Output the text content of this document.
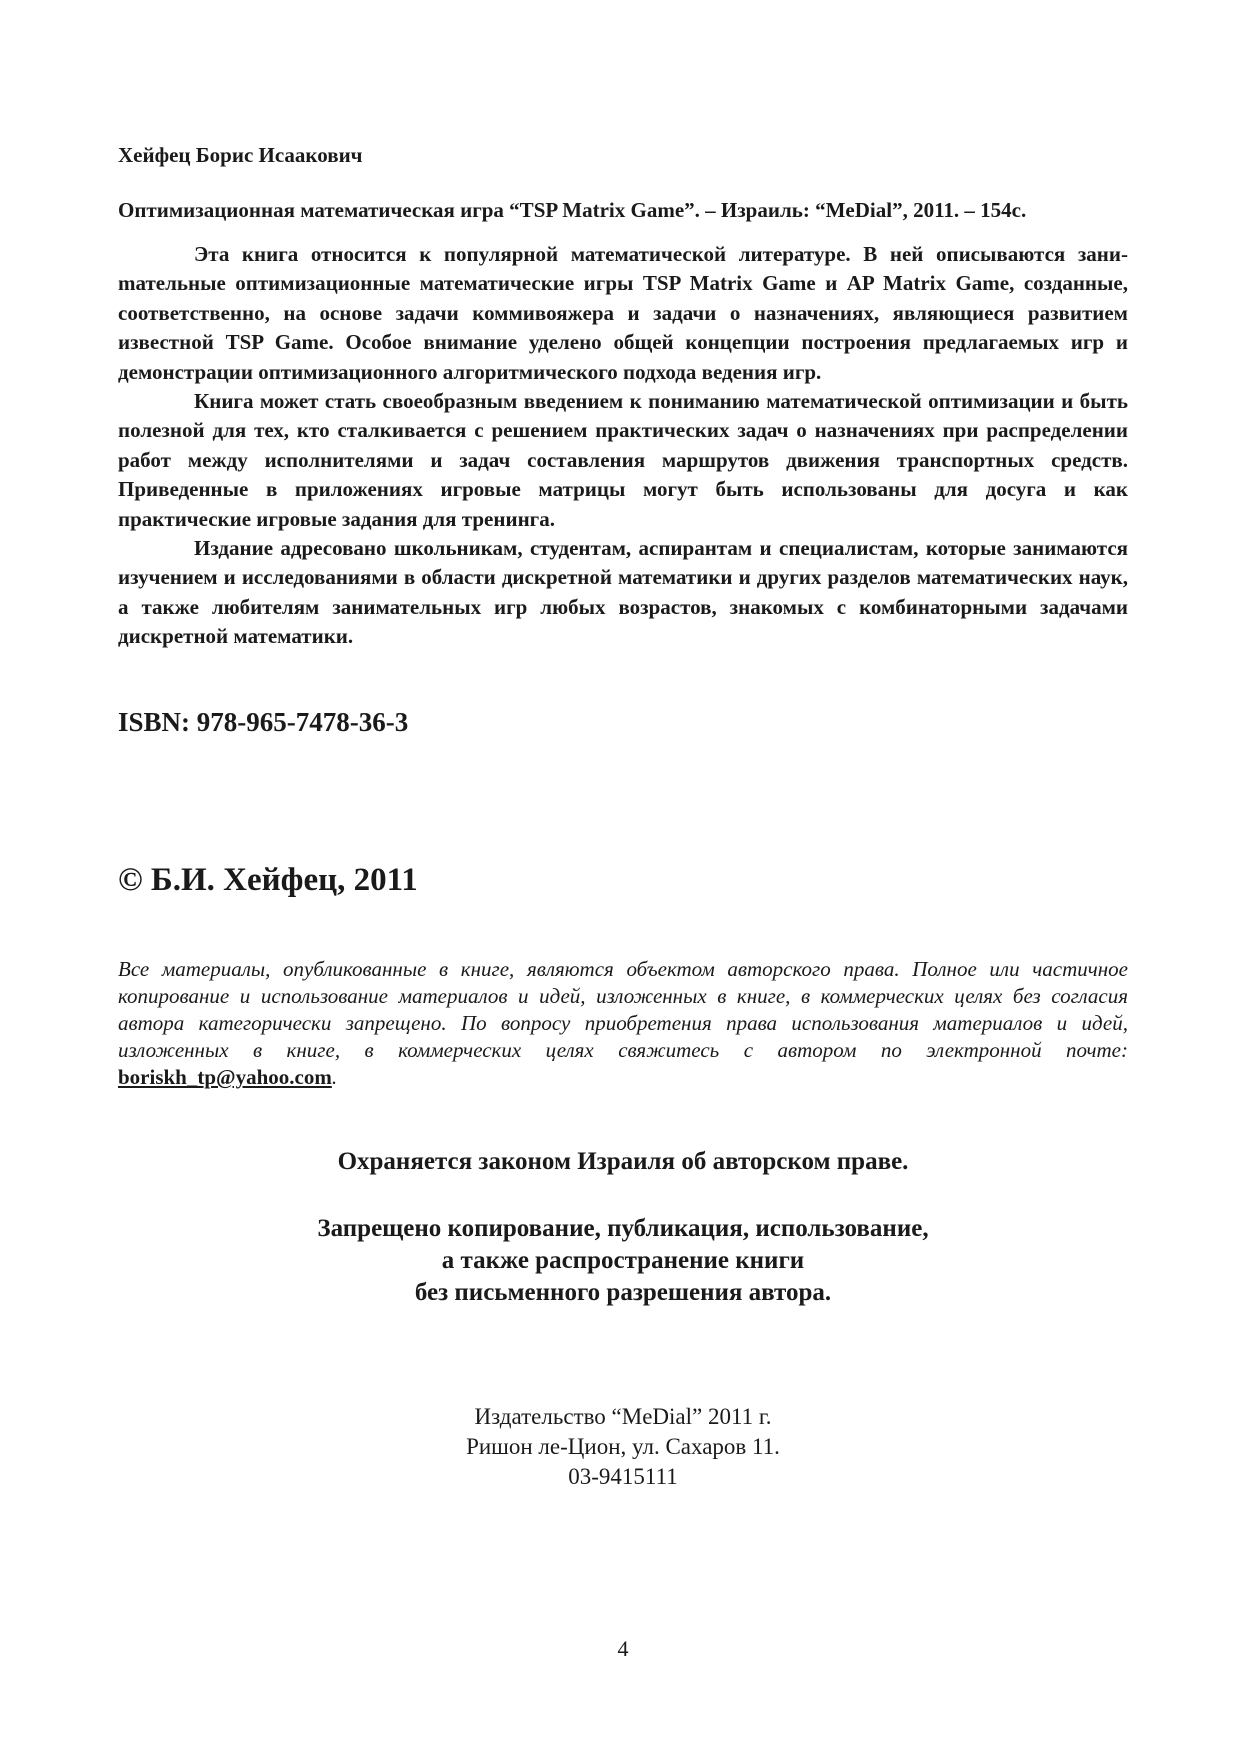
Хейфец Борис Исаакович
Оптимизационная математическая игра “TSP Matrix Game”. – Израиль: “MeDial”, 2011. – 154с.

Эта книга относится к популярной математической литературе. В ней описываются заниmательные оптимизационные математические игры TSP Matrix Game и AP Matrix Game, созданные, соответственно, на основе задачи коммивояжера и задачи о назначениях, являющиеся развитием известной TSP Game. Особое внимание уделено общей концепции построения предлагаемых игр и демонстрации оптимизационного алгоритмического подхода ведения игр.

Книга может стать своеобразным введением к пониманию математической оптимизации и быть полезной для тех, кто сталкивается с решением практических задач о назначениях при распределении работ между исполнителями и задач составления маршрутов движения транспортных средств. Приведенные в приложениях игровые матрицы могут быть использованы для досуга и как практические игровые задания для тренинга.

Издание адресовано школьникам, студентам, аспирантам и специалистам, которые занимаются изучением и исследованиями в области дискретной математики и других разделов математических наук, а также любителям занимательных игр любых возрастов, знакомых с комбинаторными задачами дискретной математики.

ISBN: 978-965-7478-36-3
© Б.И. Хейфец, 2011
Все материалы, опубликованные в книге, являются объектом авторского права. Полное или частичное копирование и использование материалов и идей, изложенных в книге, в коммерческих целях без согласия автора категорически запрещено. По вопросу приобретения права использования материалов и идей, изложенных в книге, в коммерческих целях свяжитесь с автором по электронной почте: boriskh_tp@yahoo.com.
Охраняется законом Израиля об авторском праве.
Запрещено копирование, публикация, использование,
а также распространение книги
без письменного разрешения автора.
Издательство “MeDial” 2011 г.
Ришон ле-Цион, ул. Сахаров 11.
03-9415111
4
